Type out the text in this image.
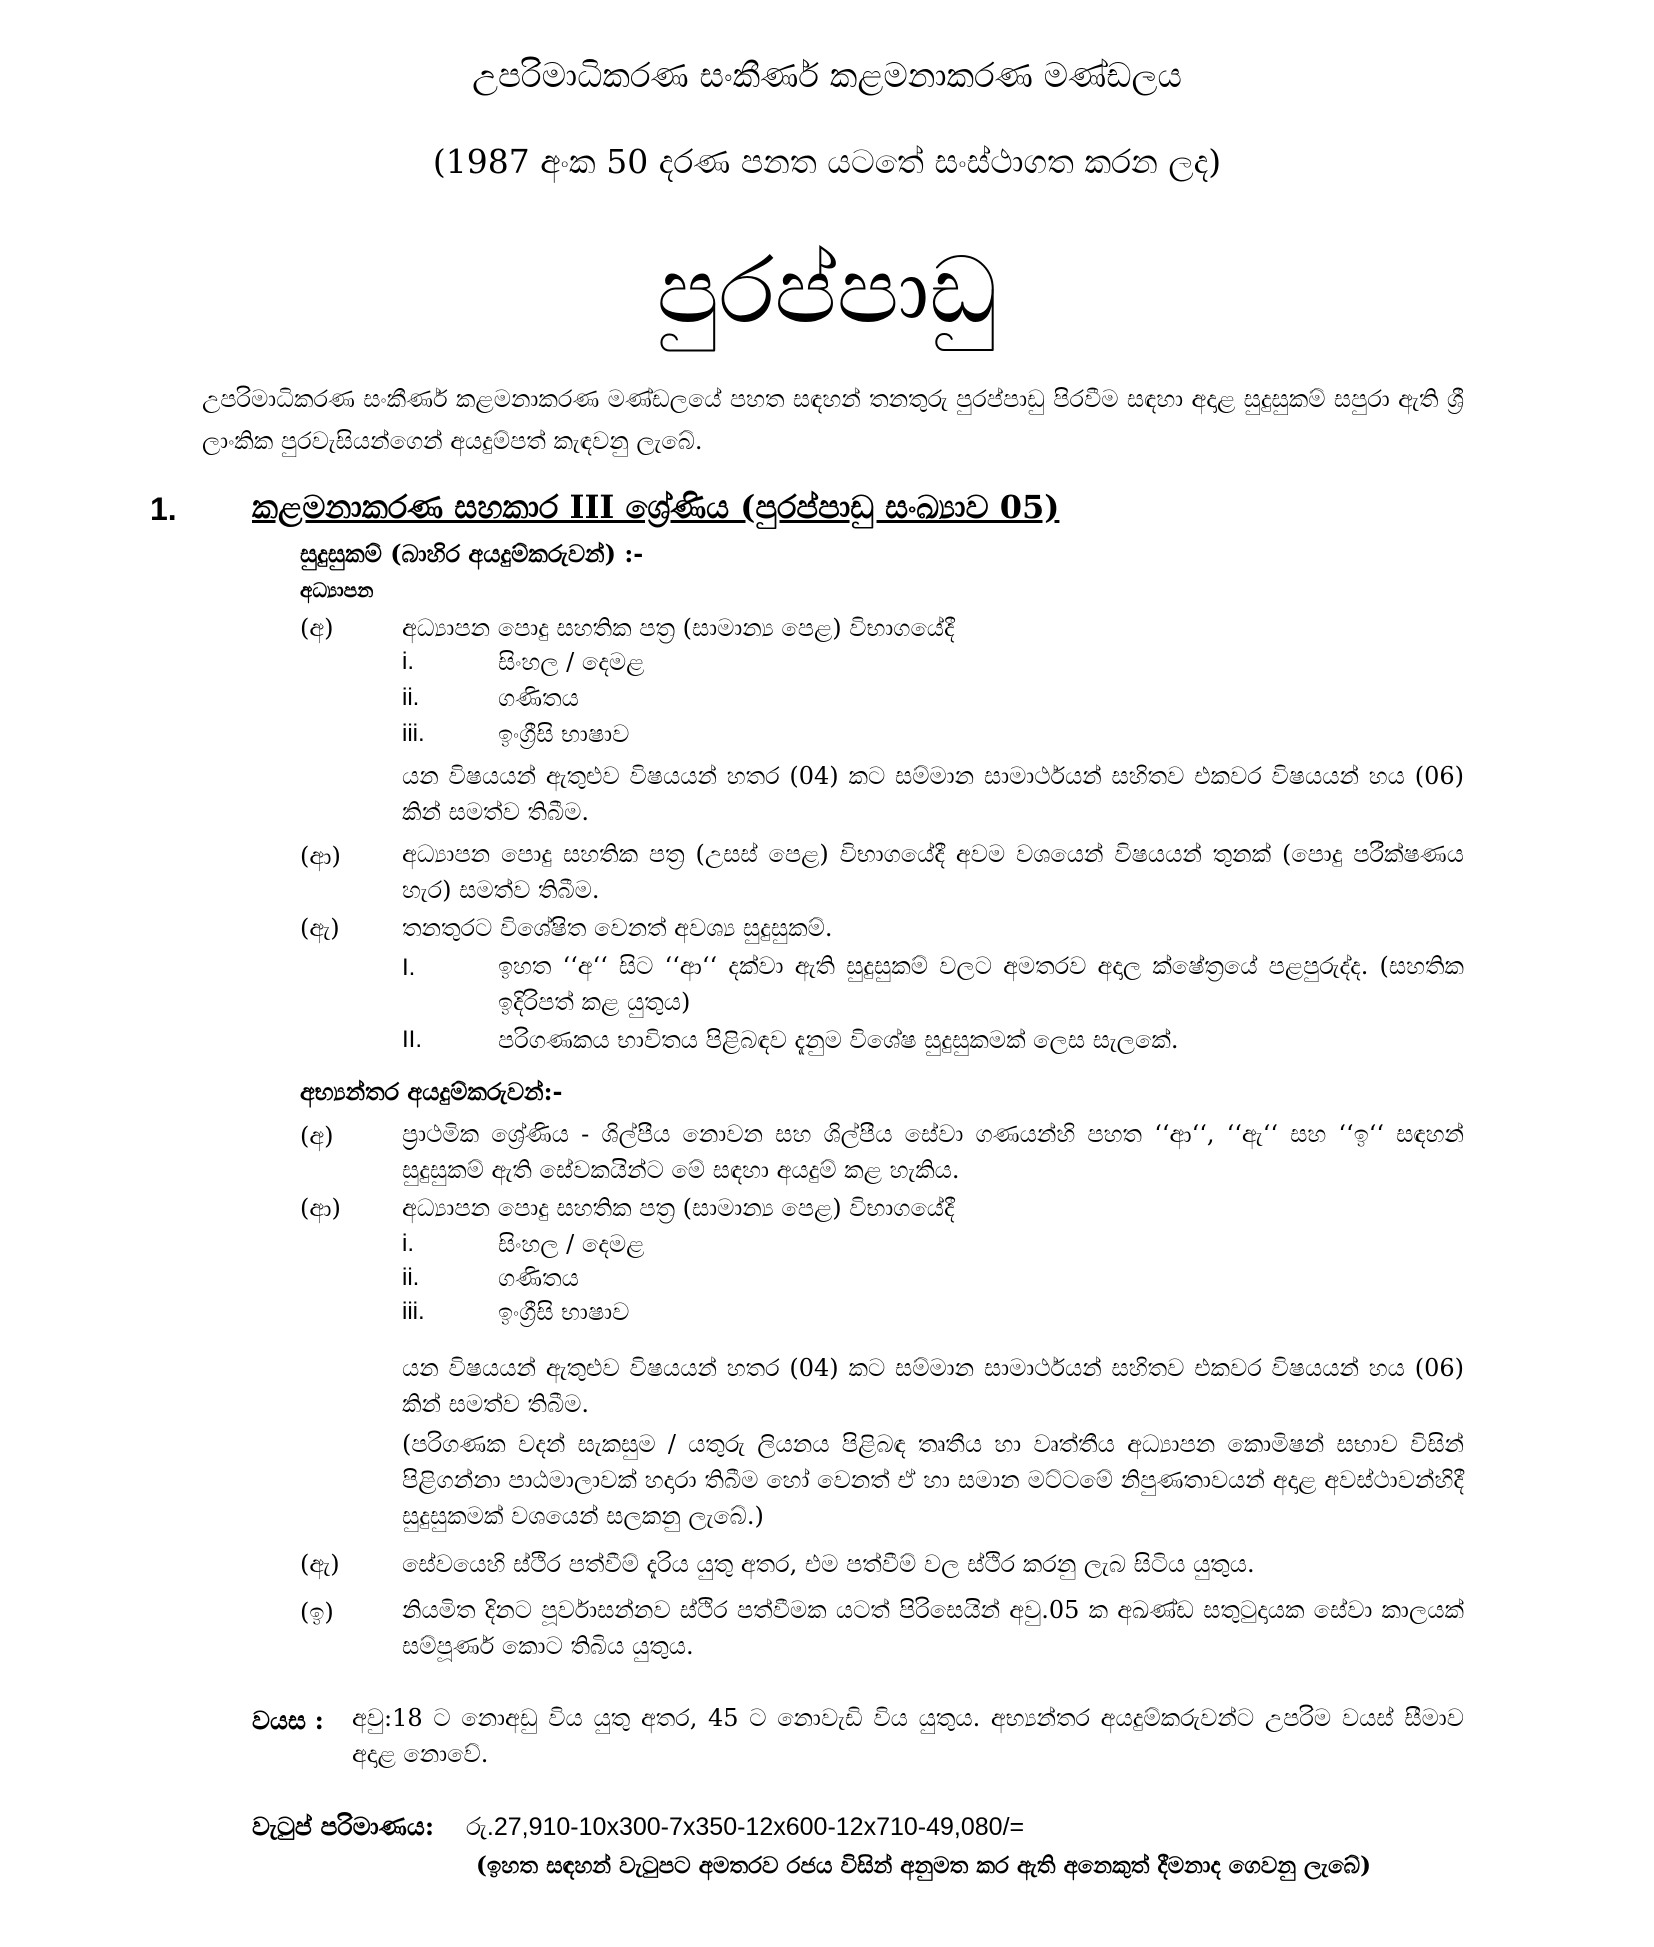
උපරිමාධිකරණ සංකීර්ණ කළමනාකරණ මණ්ඩලය
(1987 අංක 50 දරණ පනත යටතේ සංස්ථාගත කරන ලද)
පුරප්පාඩු
උපරිමාධිකරණ සංකීර්ණ කළමනාකරණ මණ්ඩලයේ පහත සඳහන් තනතුරු පුරප්පාඩු පිරවීම සඳහා අදාළ සුදුසුකම් සපුරා ඇති ශ්‍රී ලාංකික පුරවැසියන්ගෙන් අයදුම්පත් කැඳවනු ලැබේ.
1. කළමනාකරණ සහකාර III ශ්‍රේණිය (පුරප්පාඩු සංඛ්‍යාව 05)
සුදුසුකම් (බාහිර අයදුම්කරුවන්) :-
අධ්‍යාපන
(අ)	අධ්‍යාපන පොදු සහතික පත්‍ර (සාමාන්‍ය පෙළ) විභාගයේදී
i.	සිංහල / දෙමළ
ii.	ගණිතය
iii.	ඉංග්‍රීසි භාෂාව
යන විෂයයන් ඇතුළුව විෂයයන් හතර (04) කට සම්මාන සාමාර්ථයන් සහිතව එකවර විෂයයන් හය (06) කින් සමත්ව තිබීම.
(ආ)	අධ්‍යාපන පොදු සහතික පත්‍ර (උසස් පෙළ) විභාගයේදී අවම වශයෙන් විෂයයන් තුනක් (පොදු පරීක්ෂණය හැර) සමත්ව තිබීම.
(ඇ)	තනතුරට විශේෂිත වෙනත් අවශ්‍ය සුදුසුකම්.
I.	ඉහත ‘‘අ‘‘ සිට ‘‘ආ‘‘ දක්වා ඇති සුදුසුකම් වලට අමතරව අදාල ක්ෂේත්‍රයේ පළපුරුද්ද. (සහතික ඉදිරිපත් කළ යුතුය)
II.	පරිගණකය භාවිතය පිළිබඳව දැනුම විශේෂ සුදුසුකමක් ලෙස සැලකේ.
අභ්‍යන්තර අයදුම්කරුවන්:-
(අ)	ප්‍රාථමික ශ්‍රේණිය - ශිල්පීය නොවන සහ ශිල්පීය සේවා ගණයන්හි පහත ‘‘ආ‘‘, ‘‘ඇ‘‘ සහ ‘‘ඉ‘‘ සඳහන් සුදුසුකම් ඇති සේවකයින්ට මේ සඳහා අයදුම් කළ හැකිය.
(ආ)	අධ්‍යාපන පොදු සහතික පත්‍ර (සාමාන්‍ය පෙළ) විභාගයේදී
i.	සිංහල / දෙමළ
ii.	ගණිතය
iii.	ඉංග්‍රීසි භාෂාව
යන විෂයයන් ඇතුළුව විෂයයන් හතර (04) කට සම්මාන සාමාර්ථයන් සහිතව එකවර විෂයයන් හය (06) කින් සමත්ව තිබීම.
(පරිගණක වදන් සැකසුම / යතුරු ලියනය පිළිබඳ තෘතීය හා වෘත්තීය අධ්‍යාපන කොමිෂන් සභාව විසින් පිළිගන්නා පාඨමාලාවක් හදාරා තිබීම හෝ වෙනත් ඒ හා සමාන මට්ටමේ නිපුණතාවයන් අදාළ අවස්ථාවන්හිදී සුදුසුකමක් වශයෙන් සලකනු ලැබේ.)
(ඇ)	සේවයෙහි ස්ථිර පත්වීම් දැරිය යුතු අතර, එම පත්වීම් වල ස්ථිර කරනු ලැබ සිටිය යුතුය.
(ඉ)	නියමිත දිනට පූර්වාසන්නව ස්ථිර පත්වීමක යටත් පිරිසෙයින් අවු.05 ක අඛණ්ඩ සතුටුදායක සේවා කාලයක් සම්පූර්ණ කොට තිබිය යුතුය.
වයස : අවු:18 ට නොඅඩු විය යුතු අතර, 45 ට නොවැඩි විය යුතුය. අභ්‍යන්තර අයදුම්කරුවන්ට උපරිම වයස් සීමාව අදාළ නොවේ.
වැටුප් පරිමාණය: රු.27,910-10x300-7x350-12x600-12x710-49,080/=
(ඉහත සඳහන් වැටුපට අමතරව රජය විසින් අනුමත කර ඇති අනෙකුත් දීමනාද ගෙවනු ලැබේ)
